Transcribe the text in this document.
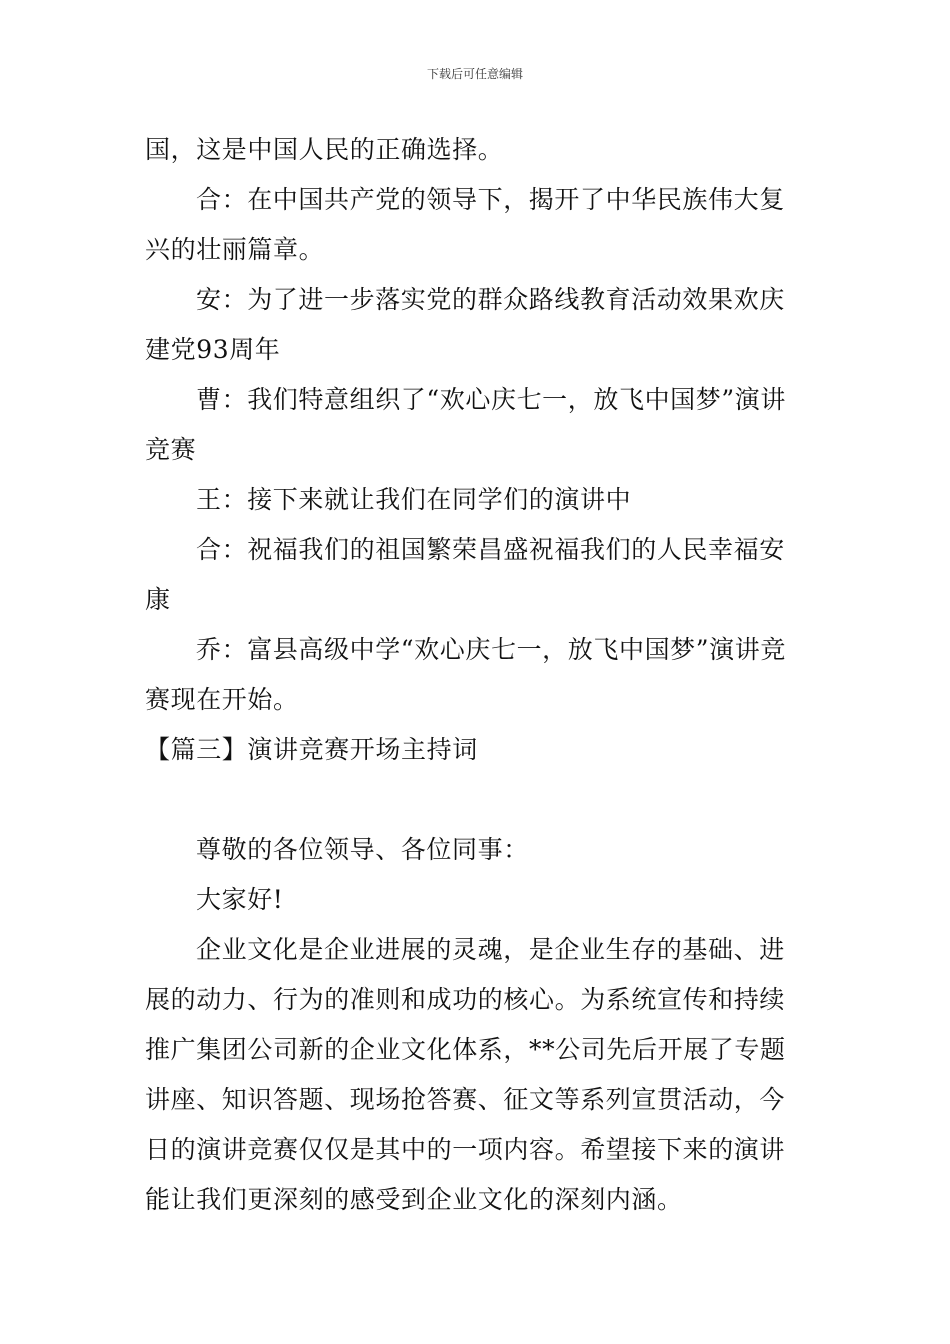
下载后可任意编辑

国，这是中国人民的正确选择。

合：在中国共产党的领导下，揭开了中华民族伟大复兴的壮丽篇章。

安：为了进一步落实党的群众路线教育活动效果欢庆建党93周年

曹：我们特意组织了“欢心庆七一，放飞中国梦”演讲竞赛

王：接下来就让我们在同学们的演讲中

合：祝福我们的祖国繁荣昌盛祝福我们的人民幸福安康

乔：富县高级中学“欢心庆七一，放飞中国梦”演讲竞赛现在开始。

【篇三】演讲竞赛开场主持词

尊敬的各位领导、各位同事：

大家好!

企业文化是企业进展的灵魂，是企业生存的基础、进展的动力、行为的准则和成功的核心。为系统宣传和持续推广集团公司新的企业文化体系，**公司先后开展了专题讲座、知识答题、现场抢答赛、征文等系列宣贯活动，今日的演讲竞赛仅仅是其中的一项内容。希望接下来的演讲能让我们更深刻的感受到企业文化的深刻内涵。
